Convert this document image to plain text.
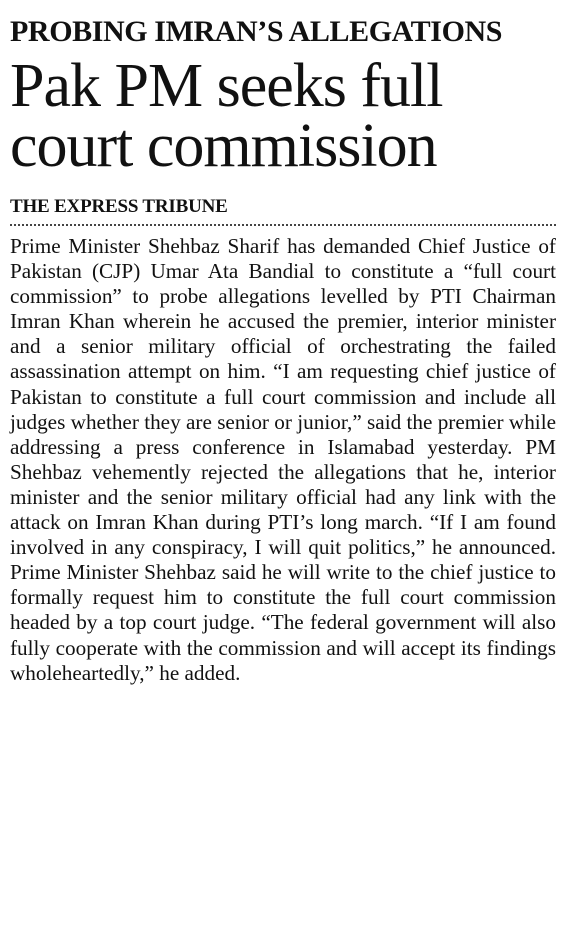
PROBING IMRAN’S ALLEGATIONS
Pak PM seeks full court commission
THE EXPRESS TRIBUNE

Prime Minister Shehbaz Sharif has demanded Chief Justice of Pakistan (CJP) Umar Ata Bandial to constitute a “full court commission” to probe allegations levelled by PTI Chairman Imran Khan wherein he accused the premier, interior minister and a senior military official of orchestrating the failed assassination attempt on him. “I am requesting chief justice of Pakistan to constitute a full court commission and include all judges whether they are senior or junior,” said the premier while addressing a press conference in Islamabad yesterday. PM Shehbaz vehemently rejected the allegations that he, interior minister and the senior military official had any link with the attack on Imran Khan during PTI’s long march. “If I am found involved in any conspiracy, I will quit politics,” he announced. Prime Minister Shehbaz said he will write to the chief justice to formally request him to constitute the full court commission headed by a top court judge. “The federal government will also fully cooperate with the commission and will accept its findings wholeheartedly,” he added.
